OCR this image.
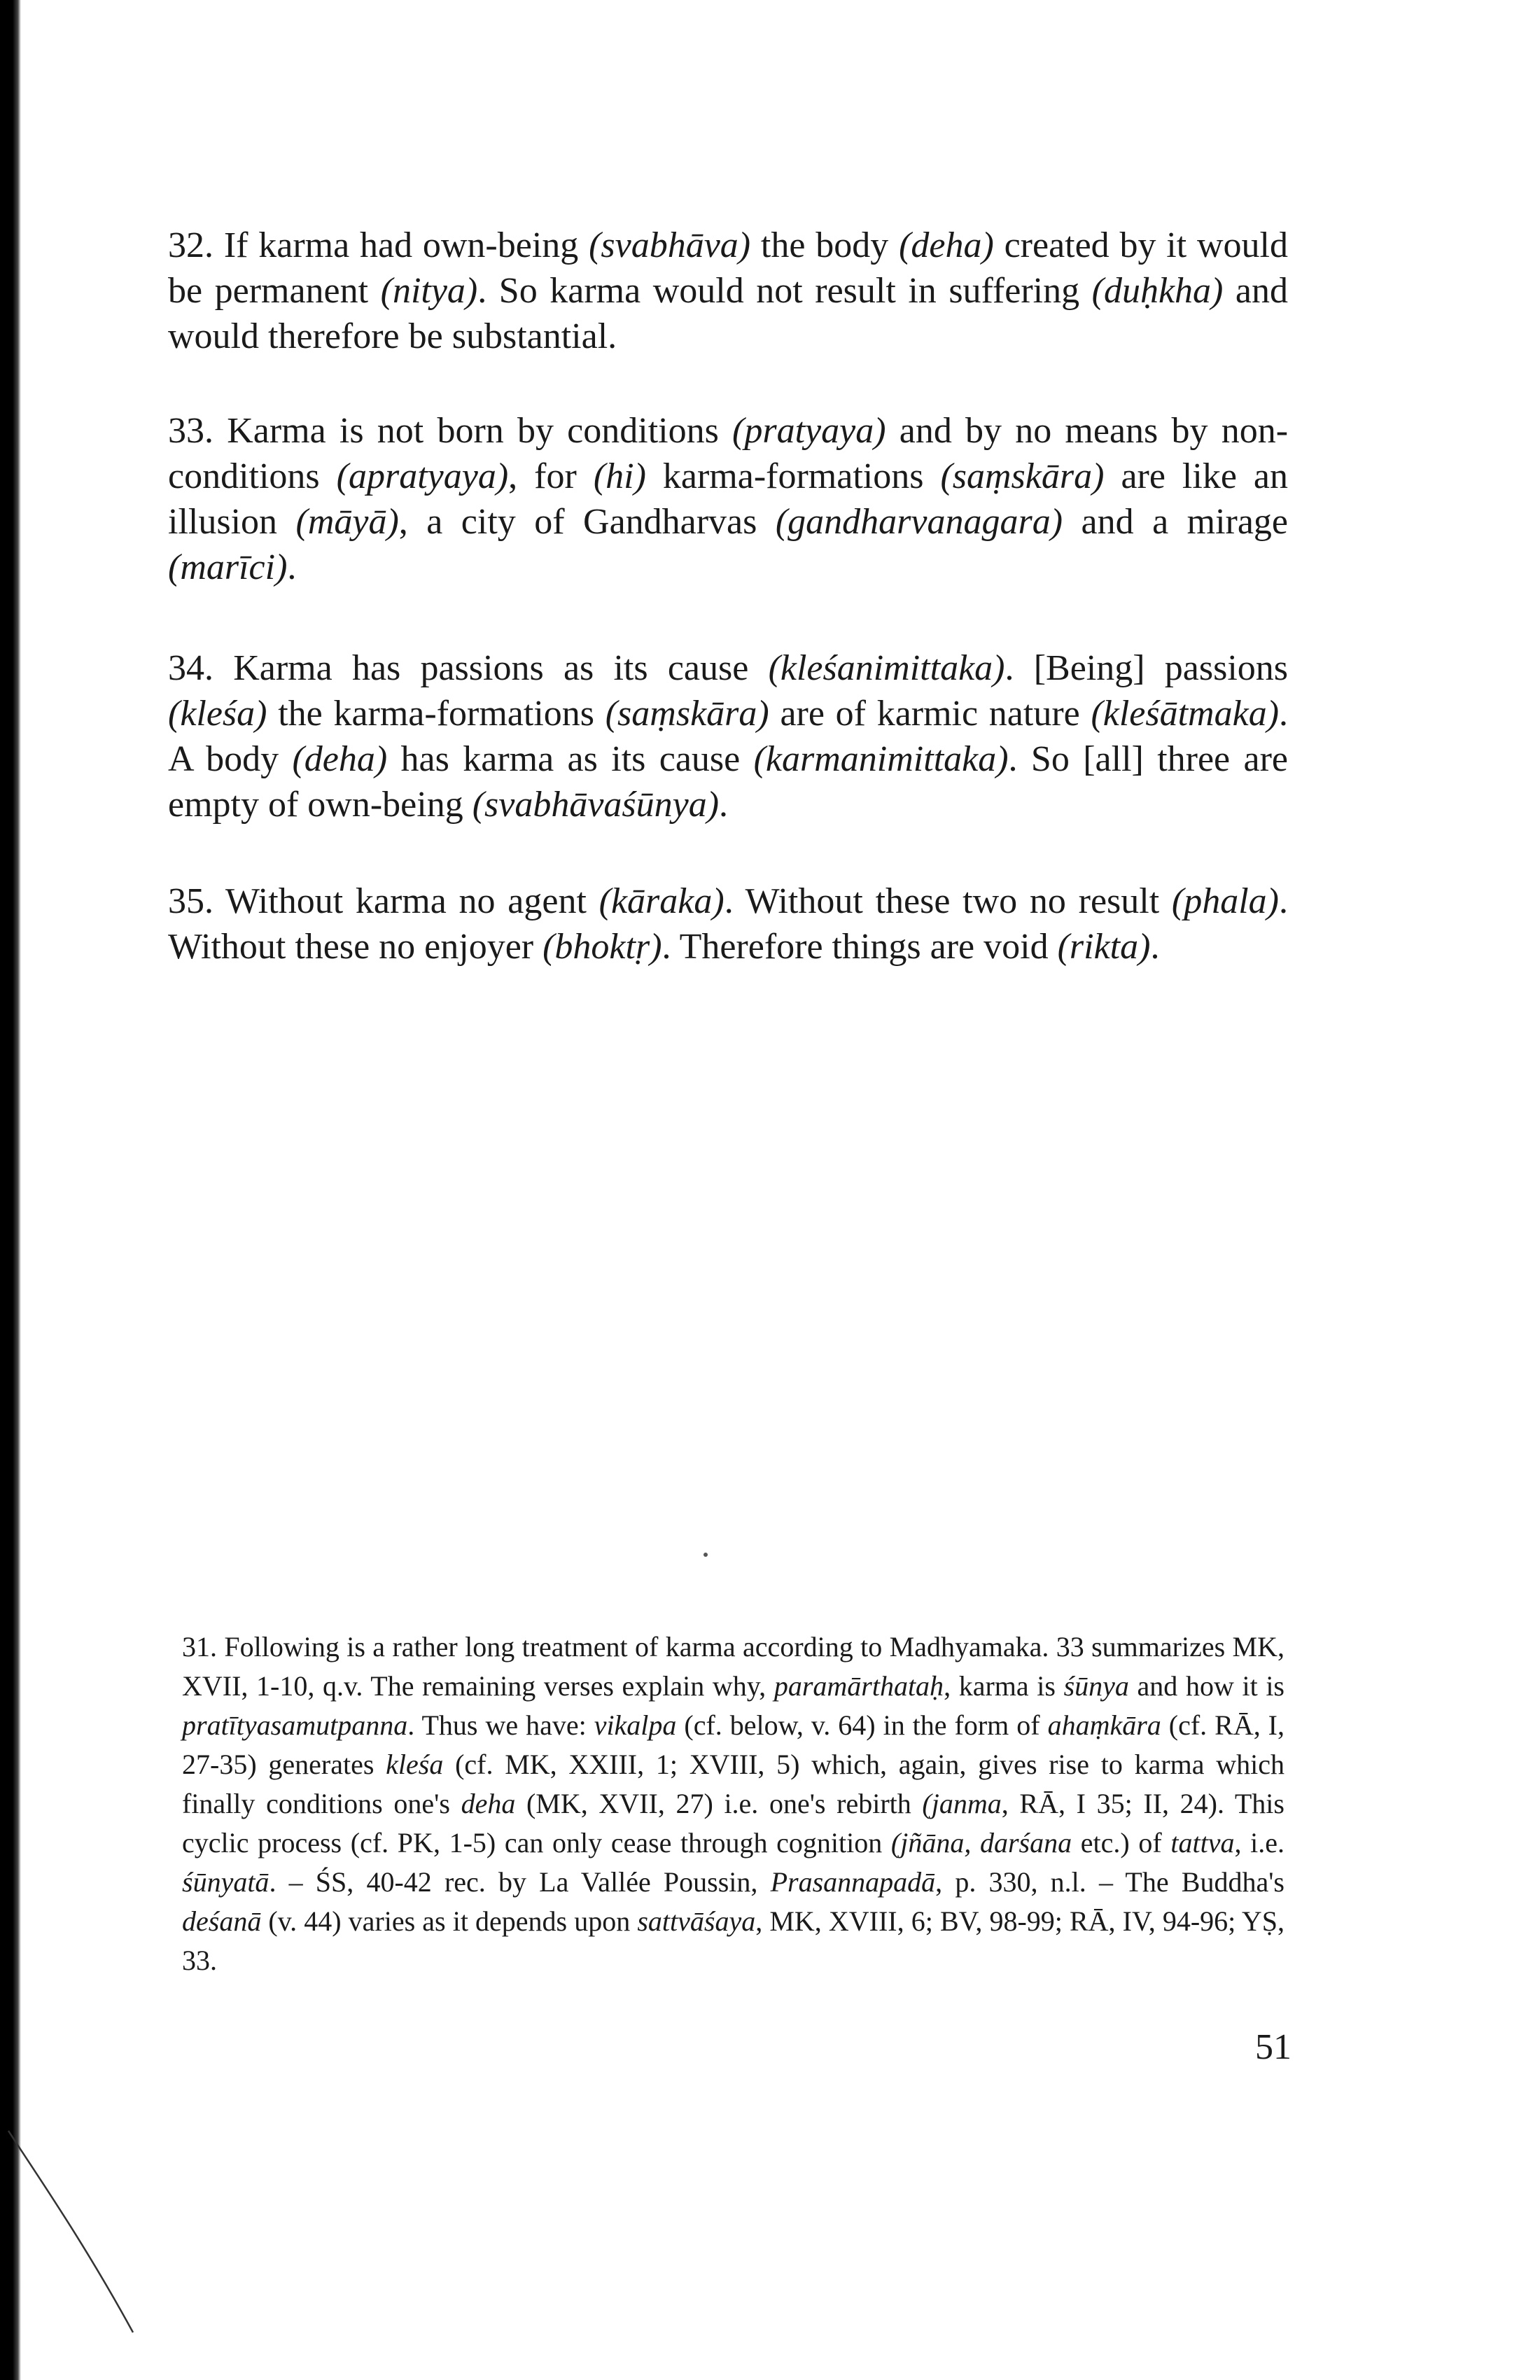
32. If karma had own-being (svabhāva) the body (deha) created by it would be permanent (nitya). So karma would not result in suffering (duḥkha) and would therefore be substantial.

33. Karma is not born by conditions (pratyaya) and by no means by non-conditions (apratyaya), for (hi) karma-formations (saṃskāra) are like an illusion (māyā), a city of Gandharvas (gandharvanagara) and a mirage (marīci).

34. Karma has passions as its cause (kleśanimittaka). [Being] passions (kleśa) the karma-formations (saṃskāra) are of karmic nature (kleśātmaka). A body (deha) has karma as its cause (karmanimittaka). So [all] three are empty of own-being (svabhāvaśūnya).

35. Without karma no agent (kāraka). Without these two no result (phala). Without these no enjoyer (bhoktṛ). Therefore things are void (rikta).

31. Following is a rather long treatment of karma according to Madhyamaka. 33 summarizes MK, XVII, 1-10, q.v. The remaining verses explain why, paramārthataḥ, karma is śūnya and how it is pratītyasamutpanna. Thus we have: vikalpa (cf. below, v. 64) in the form of ahaṃkāra (cf. RĀ, I, 27-35) generates kleśa (cf. MK, XXIII, 1; XVIII, 5) which, again, gives rise to karma which finally conditions one's deha (MK, XVII, 27) i.e. one's rebirth (janma, RĀ, I 35; II, 24). This cyclic process (cf. PK, 1-5) can only cease through cognition (jñāna, darśana etc.) of tattva, i.e. śūnyatā. – ŚS, 40-42 rec. by La Vallée Poussin, Prasannapadā, p. 330, n.l. – The Buddha's deśanā (v. 44) varies as it depends upon sattvāśaya, MK, XVIII, 6; BV, 98-99; RĀ, IV, 94-96; YṢ, 33.

51
